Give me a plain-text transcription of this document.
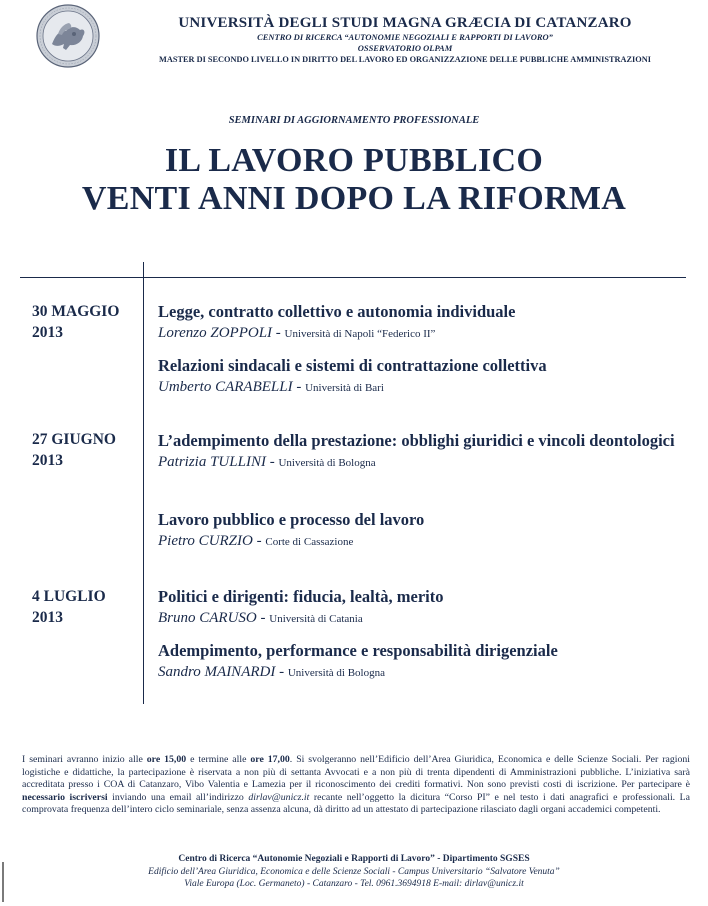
UNIVERSITÀ DEGLI STUDI MAGNA GRÆCIA DI CATANZARO
CENTRO DI RICERCA “AUTONOMIE NEGOZIALI E RAPPORTI DI LAVORO”
OSSERVATORIO OLPAM
MASTER DI SECONDO LIVELLO IN DIRITTO DEL LAVORO ED ORGANIZZAZIONE DELLE PUBBLICHE AMMINISTRAZIONI
SEMINARI DI AGGIORNAMENTO PROFESSIONALE
IL LAVORO PUBBLICO
VENTI ANNI DOPO LA RIFORMA
30 MAGGIO
2013
Legge, contratto collettivo e autonomia individuale
Lorenzo ZOPPOLI - Università di Napoli “Federico II”
Relazioni sindacali e sistemi di contrattazione collettiva
Umberto CARABELLI - Università di Bari
27 GIUGNO
2013
L’adempimento della prestazione: obblighi giuridici e vincoli deontologici
Patrizia TULLINI - Università di Bologna
Lavoro pubblico e processo del lavoro
Pietro CURZIO - Corte di Cassazione
4 LUGLIO
2013
Politici e dirigenti: fiducia, lealtà, merito
Bruno CARUSO - Università di Catania
Adempimento, performance e responsabilità dirigenziale
Sandro MAINARDI - Università di Bologna
I seminari avranno inizio alle ore 15,00 e termine alle ore 17,00. Si svolgeranno nell’Edificio dell’Area Giuridica, Economica e delle Scienze Sociali. Per ragioni logistiche e didattiche, la partecipazione è riservata a non più di settanta Avvocati e a non più di trenta dipendenti di Amministrazioni pubbliche. L’iniziativa sarà accreditata presso i COA di Catanzaro, Vibo Valentia e Lamezia per il riconoscimento dei crediti formativi. Non sono previsti costi di iscrizione. Per partecipare è necessario iscriversi inviando una email all’indirizzo dirlav@unicz.it recante nell’oggetto la dicitura “Corso PI” e nel testo i dati anagrafici e professionali. La comprovata frequenza dell’intero ciclo seminariale, senza assenza alcuna, dà diritto ad un attestato di partecipazione rilasciato dagli organi accademici competenti.
Centro di Ricerca “Autonomie Negoziali e Rapporti di Lavoro” - Dipartimento SGSES
Edificio dell’Area Giuridica, Economica e delle Scienze Sociali - Campus Universitario “Salvatore Venuta”
Viale Europa (Loc. Germaneto) - Catanzaro - Tel. 0961.3694918 E-mail: dirlav@unicz.it
